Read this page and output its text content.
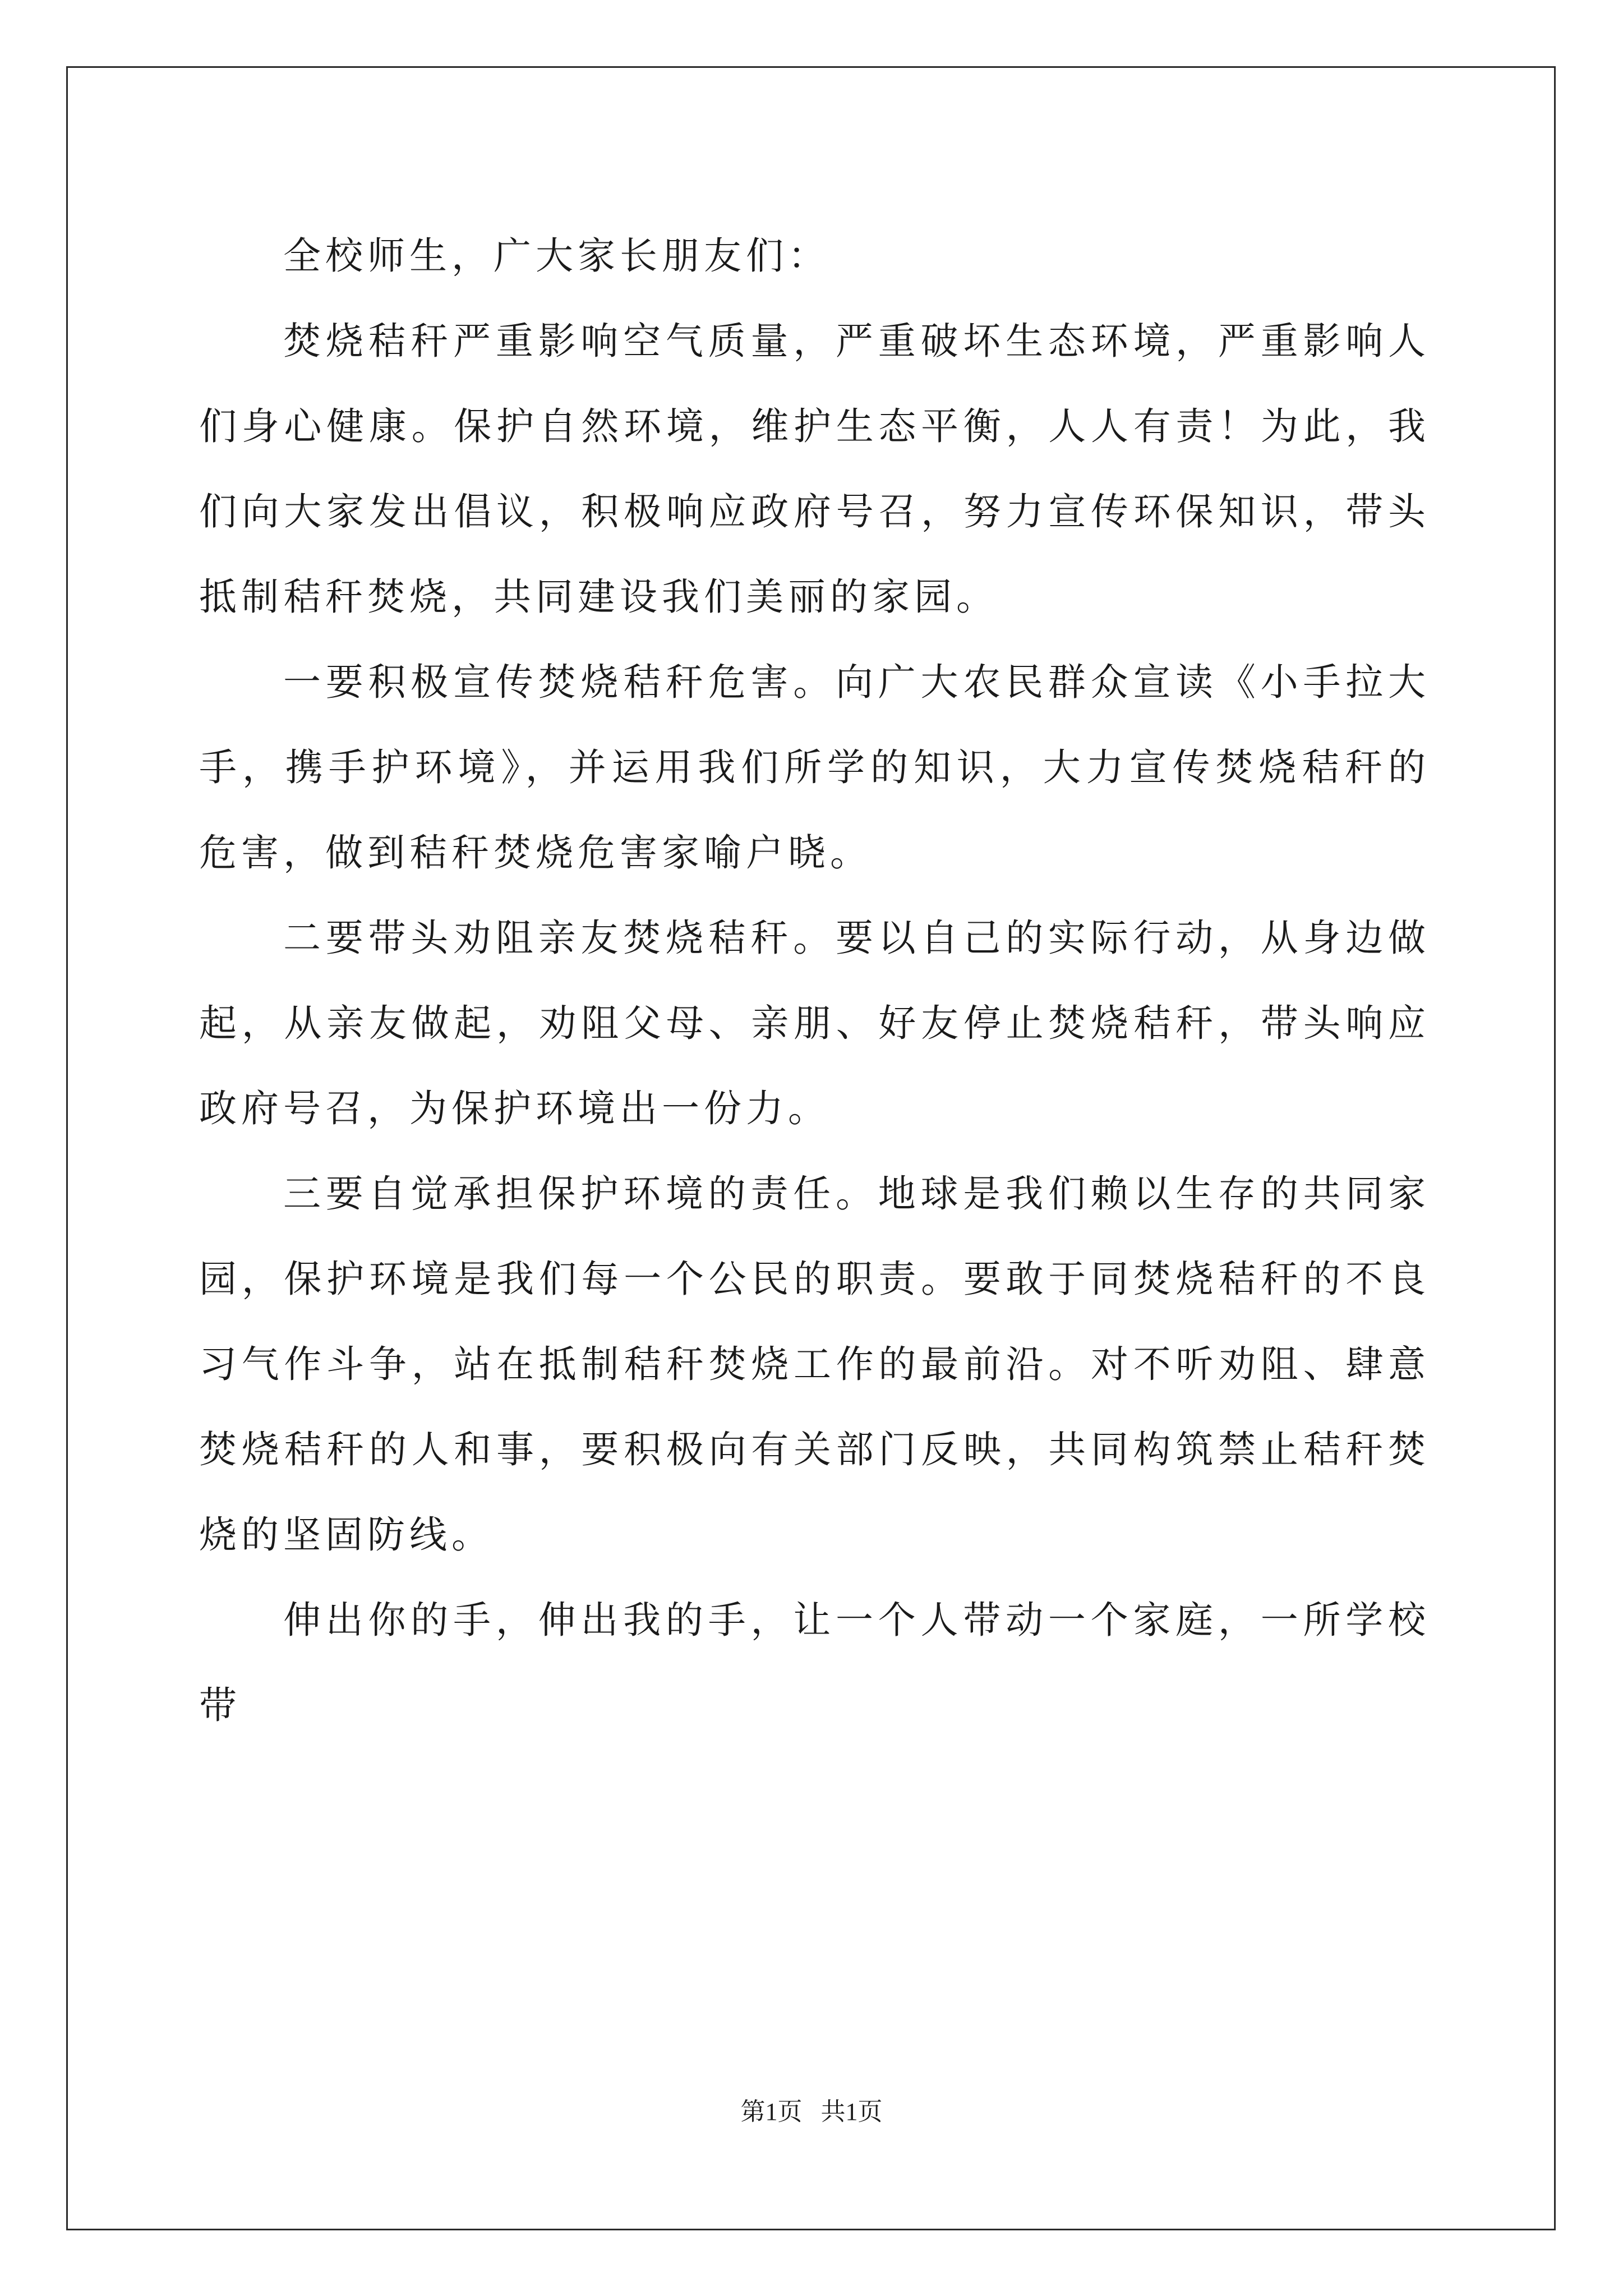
全校师生，广大家长朋友们：

焚烧秸秆严重影响空气质量，严重破坏生态环境，严重影响人们身心健康。保护自然环境，维护生态平衡，人人有责！为此，我们向大家发出倡议，积极响应政府号召，努力宣传环保知识，带头抵制秸秆焚烧，共同建设我们美丽的家园。

一要积极宣传焚烧秸秆危害。向广大农民群众宣读《小手拉大手，携手护环境》，并运用我们所学的知识，大力宣传焚烧秸秆的危害，做到秸秆焚烧危害家喻户晓。

二要带头劝阻亲友焚烧秸秆。要以自己的实际行动，从身边做起，从亲友做起，劝阻父母、亲朋、好友停止焚烧秸秆，带头响应政府号召，为保护环境出一份力。

三要自觉承担保护环境的责任。地球是我们赖以生存的共同家园，保护环境是我们每一个公民的职责。要敢于同焚烧秸秆的不良习气作斗争，站在抵制秸秆焚烧工作的最前沿。对不听劝阻、肆意焚烧秸秆的人和事，要积极向有关部门反映，共同构筑禁止秸秆焚烧的坚固防线。

伸出你的手，伸出我的手，让一个人带动一个家庭，一所学校带

第1页   共1页
